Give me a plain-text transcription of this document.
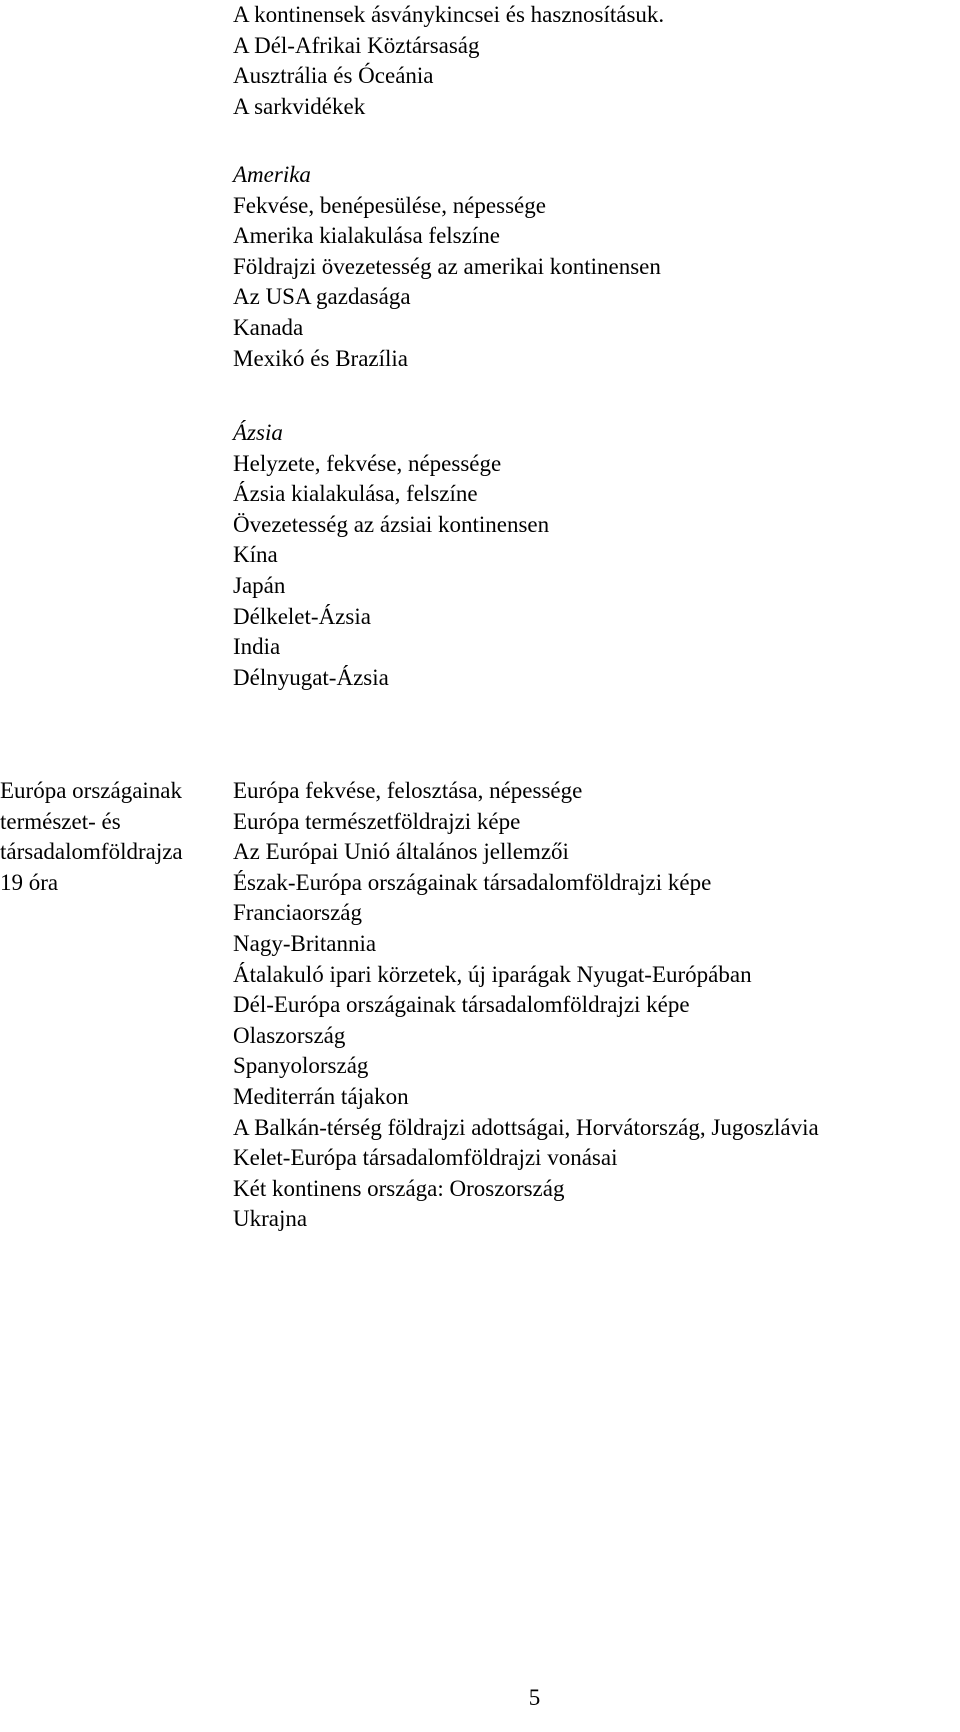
A kontinensek ásványkincsei és hasznosításuk.
A Dél-Afrikai Köztársaság
Ausztrália és Óceánia
A sarkvidékek
Amerika
Fekvése, benépesülése, népessége
Amerika kialakulása felszíne
Földrajzi övezetesség az amerikai kontinensen
Az USA gazdasága
Kanada
Mexikó és Brazília
Ázsia
Helyzete, fekvése, népessége
Ázsia kialakulása, felszíne
Övezetesség az ázsiai kontinensen
Kína
Japán
Délkelet-Ázsia
India
Délnyugat-Ázsia
Európa országainak
természet- és
társadalomföldrajza
19 óra
Európa fekvése, felosztása, népessége
Európa természetföldrajzi képe
Az Európai Unió általános jellemzői
Észak-Európa országainak társadalomföldrajzi képe
Franciaország
Nagy-Britannia
Átalakuló ipari körzetek, új iparágak Nyugat-Európában
Dél-Európa országainak társadalomföldrajzi képe
Olaszország
Spanyolország
Mediterrán tájakon
A Balkán-térség földrajzi adottságai, Horvátország, Jugoszlávia
Kelet-Európa társadalomföldrajzi vonásai
Két kontinens országa: Oroszország
Ukrajna
5
